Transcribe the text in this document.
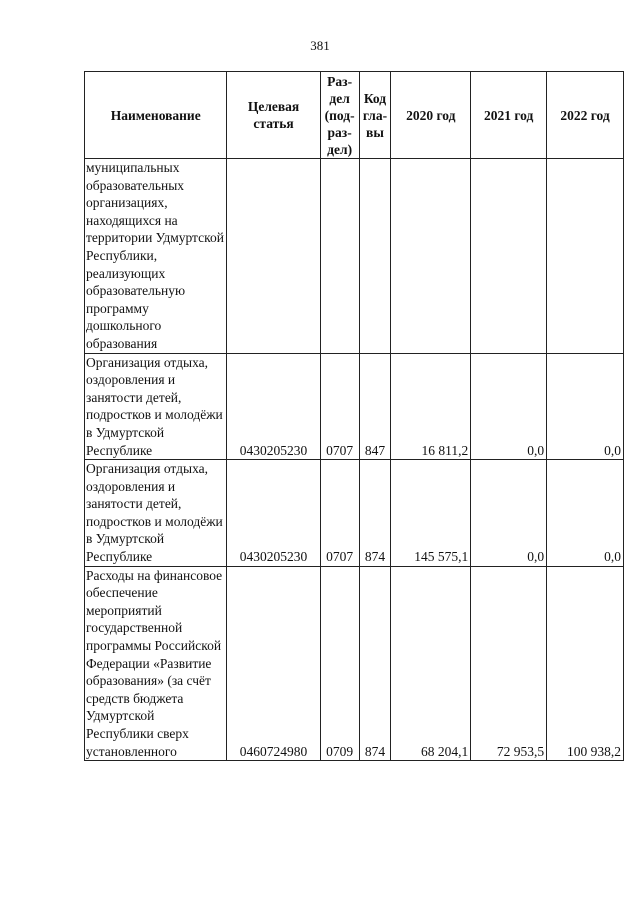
381
Наименование	Целевая статья	Раз- дел (под- раз- дел)	Код гла- вы	2020 год	2021 год	2022 год
муниципальных образовательных организациях, находящихся на территории Удмуртской Республики, реализующих образовательную программу дошкольного образования						
Организация отдыха, оздоровления и занятости детей, подростков и молодёжи в Удмуртской Республике	0430205230	0707	847	16 811,2	0,0	0,0
Организация отдыха, оздоровления и занятости детей, подростков и молодёжи в Удмуртской Республике	0430205230	0707	874	145 575,1	0,0	0,0
Расходы на финансовое обеспечение мероприятий государственной программы Российской Федерации «Развитие образования» (за счёт средств бюджета Удмуртской Республики сверх установленного	0460724980	0709	874	68 204,1	72 953,5	100 938,2
